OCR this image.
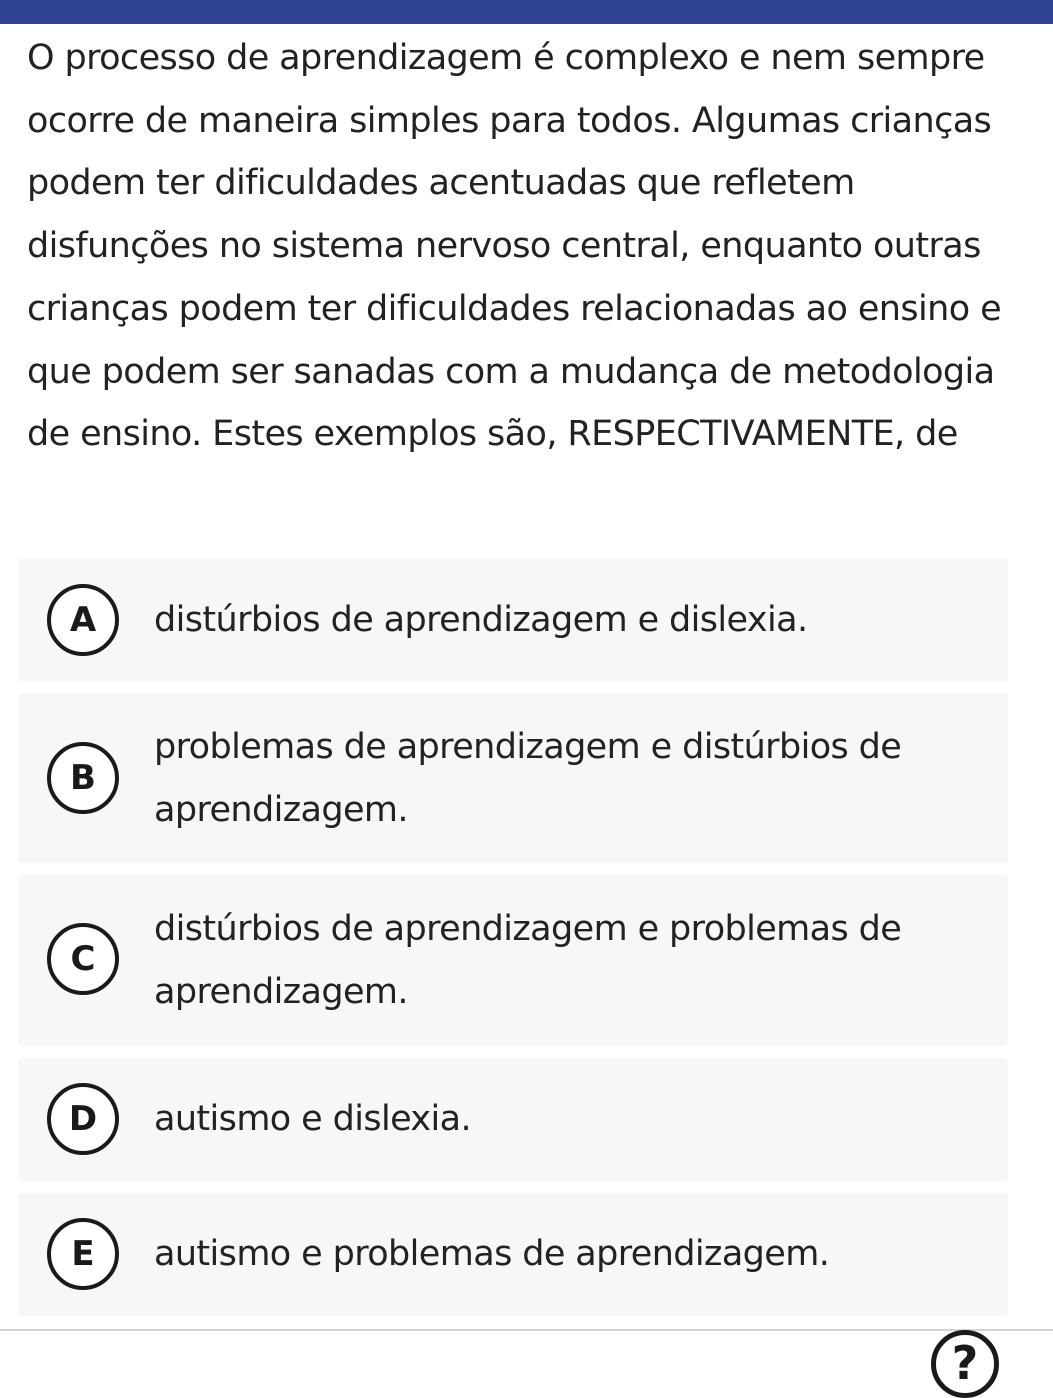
O processo de aprendizagem é complexo e nem sempre ocorre de maneira simples para todos. Algumas crianças podem ter dificuldades acentuadas que refletem disfunções no sistema nervoso central, enquanto outras crianças podem ter dificuldades relacionadas ao ensino e que podem ser sanadas com a mudança de metodologia de ensino. Estes exemplos são, RESPECTIVAMENTE, de

A	distúrbios de aprendizagem e dislexia.
B
problemas de aprendizagem e distúrbios de aprendizagem.
C
distúrbios de aprendizagem e problemas de aprendizagem.
D	autismo e dislexia.
E	autismo e problemas de aprendizagem.
?
